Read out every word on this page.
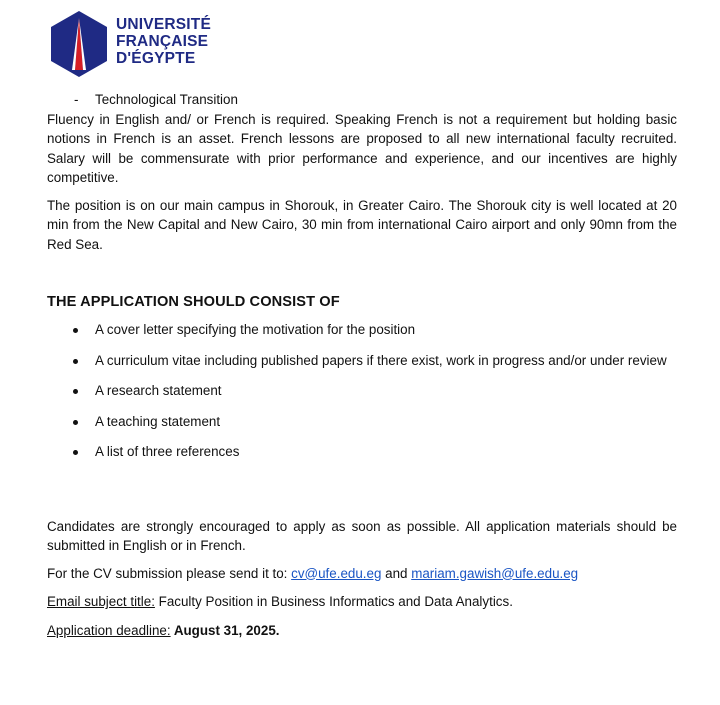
UNIVERSITÉ
FRANÇAISE
D'ÉGYPTE

- Technological Transition

Fluency in English and/ or French is required. Speaking French is not a requirement but holding basic notions in French is an asset. French lessons are proposed to all new international faculty recruited. Salary will be commensurate with prior performance and experience, and our incentives are highly competitive.

The position is on our main campus in Shorouk, in Greater Cairo. The Shorouk city is well located at 20 min from the New Capital and New Cairo, 30 min from international Cairo airport and only 90mn from the Red Sea.

THE APPLICATION SHOULD CONSIST OF
A cover letter specifying the motivation for the position
A curriculum vitae including published papers if there exist, work in progress and/or under review
A research statement
A teaching statement
A list of three references

Candidates are strongly encouraged to apply as soon as possible. All application materials should be submitted in English or in French.

For the CV submission please send it to: cv@ufe.edu.eg and mariam.gawish@ufe.edu.eg

Email subject title: Faculty Position in Business Informatics and Data Analytics.

Application deadline: August 31, 2025.
